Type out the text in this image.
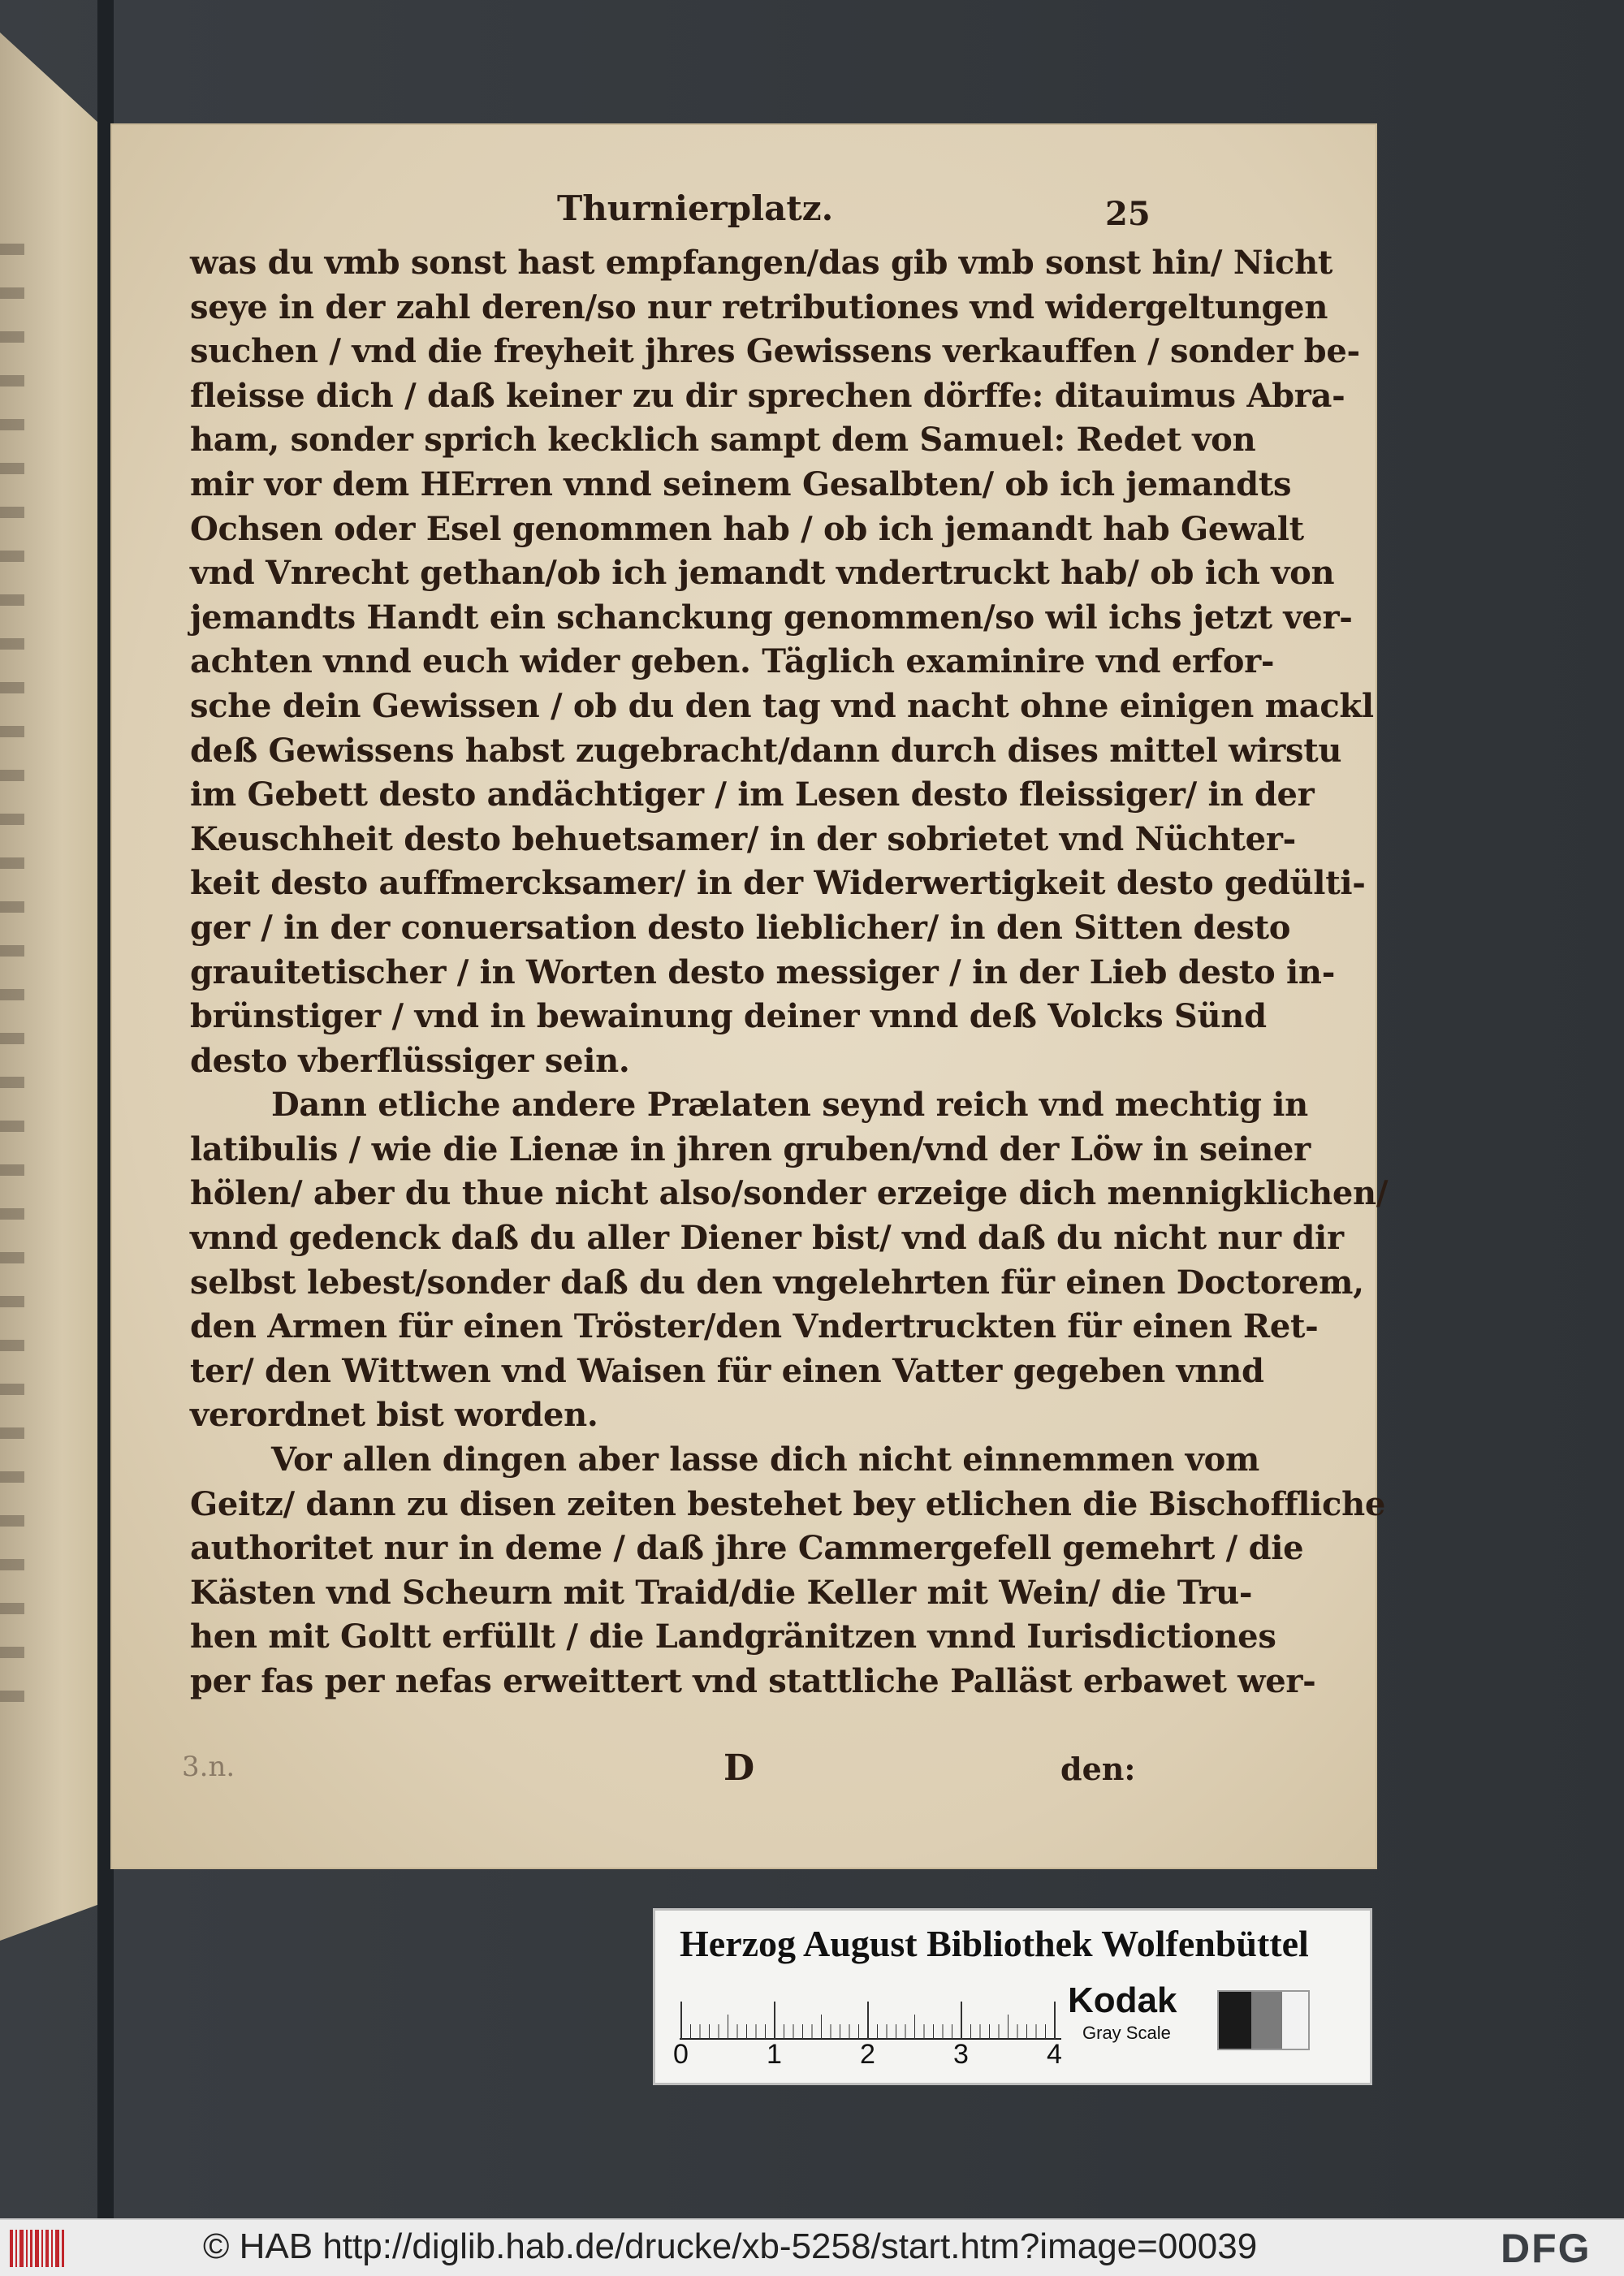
Thurnierplatz.	25
was du vmb sonst hast empfangen/das gib vmb sonst hin/ Nicht
seye in der zahl deren/so nur retributiones vnd widergeltungen
suchen / vnd die freyheit jhres Gewissens verkauffen / sonder be-
fleisse dich / daß keiner zu dir sprechen dörffe: ditauimus Abra-
ham, sonder sprich kecklich sampt dem Samuel: Redet von
mir vor dem HErren vnnd seinem Gesalbten/ ob ich jemandts
Ochsen oder Esel genommen hab / ob ich jemandt hab Gewalt
vnd Vnrecht gethan/ob ich jemandt vndertruckt hab/ ob ich von
jemandts Handt ein schanckung genommen/so wil ichs jetzt ver-
achten vnnd euch wider geben. Täglich examinire vnd erfor-
sche dein Gewissen / ob du den tag vnd nacht ohne einigen mackl
deß Gewissens habst zugebracht/dann durch dises mittel wirstu
im Gebett desto andächtiger / im Lesen desto fleissiger/ in der
Keuschheit desto behuetsamer/ in der sobrietet vnd Nüchter-
keit desto auffmercksamer/ in der Widerwertigkeit desto gedülti-
ger / in der conuersation desto lieblicher/ in den Sitten desto
grauitetischer / in Worten desto messiger / in der Lieb desto in-
brünstiger / vnd in bewainung deiner vnnd deß Volcks Sünd
desto vberflüssiger sein.
Dann etliche andere Prælaten seynd reich vnd mechtig in
latibulis / wie die Lienæ in jhren gruben/vnd der Löw in seiner
hölen/ aber du thue nicht also/sonder erzeige dich mennigklichen/
vnnd gedenck daß du aller Diener bist/ vnd daß du nicht nur dir
selbst lebest/sonder daß du den vngelehrten für einen Doctorem,
den Armen für einen Tröster/den Vndertruckten für einen Ret-
ter/ den Wittwen vnd Waisen für einen Vatter gegeben vnnd
verordnet bist worden.
Vor allen dingen aber lasse dich nicht einnemmen vom
Geitz/ dann zu disen zeiten bestehet bey etlichen die Bischoffliche
authoritet nur in deme / daß jhre Cammergefell gemehrt / die
Kästen vnd Scheurn mit Traid/die Keller mit Wein/ die Tru-
hen mit Goltt erfüllt / die Landgränitzen vnnd Iurisdictiones
per fas per nefas erweittert vnd stattliche Palläst erbawet wer-
3.n.	D	den:
Herzog August Bibliothek Wolfenbüttel
0	1	2	3	4
Kodak
Gray Scale
© HAB http://diglib.hab.de/drucke/xb-5258/start.htm?image=00039	DFG
